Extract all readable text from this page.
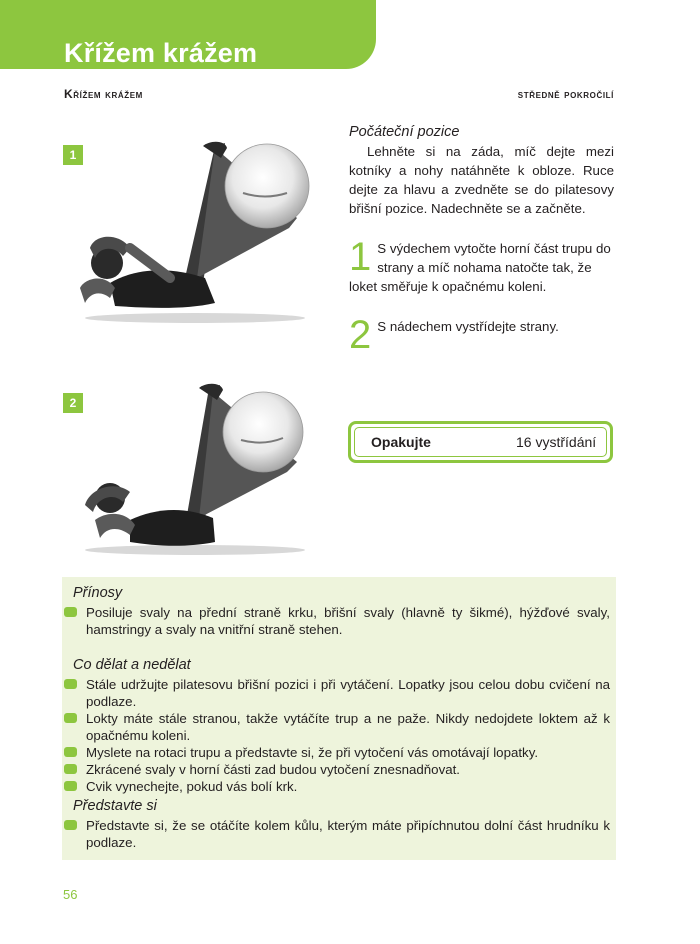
Křížem krážem
Křížem krážem	středně pokročilí
1
2
Počáteční pozice
Lehněte si na záda, míč dejte mezi kotníky a nohy natáhněte k obloze. Ruce dejte za hlavu a zvedněte se do pilatesovy břišní pozice. Nadechněte se a začněte.
1 S výdechem vytočte horní část trupu do strany a míč nohama natočte tak, že loket směřuje k opačnému koleni.
2 S nádechem vystřídejte strany.
Opakujte	16 vystřídání
Přínosy
Posiluje svaly na přední straně krku, břišní svaly (hlavně ty šikmé), hýžďové svaly, hamstringy a svaly na vnitřní straně stehen.
Co dělat a nedělat
Stále udržujte pilatesovu břišní pozici i při vytáčení. Lopatky jsou celou dobu cvičení na podlaze.
Lokty máte stále stranou, takže vytáčíte trup a ne paže. Nikdy nedojdete loktem až k opačnému koleni.
Myslete na rotaci trupu a představte si, že při vytočení vás omotávají lopatky.
Zkrácené svaly v horní části zad budou vytočení znesnadňovat.
Cvik vynechejte, pokud vás bolí krk.
Představte si
Představte si, že se otáčíte kolem kůlu, kterým máte připíchnutou dolní část hrudníku k podlaze.
56
